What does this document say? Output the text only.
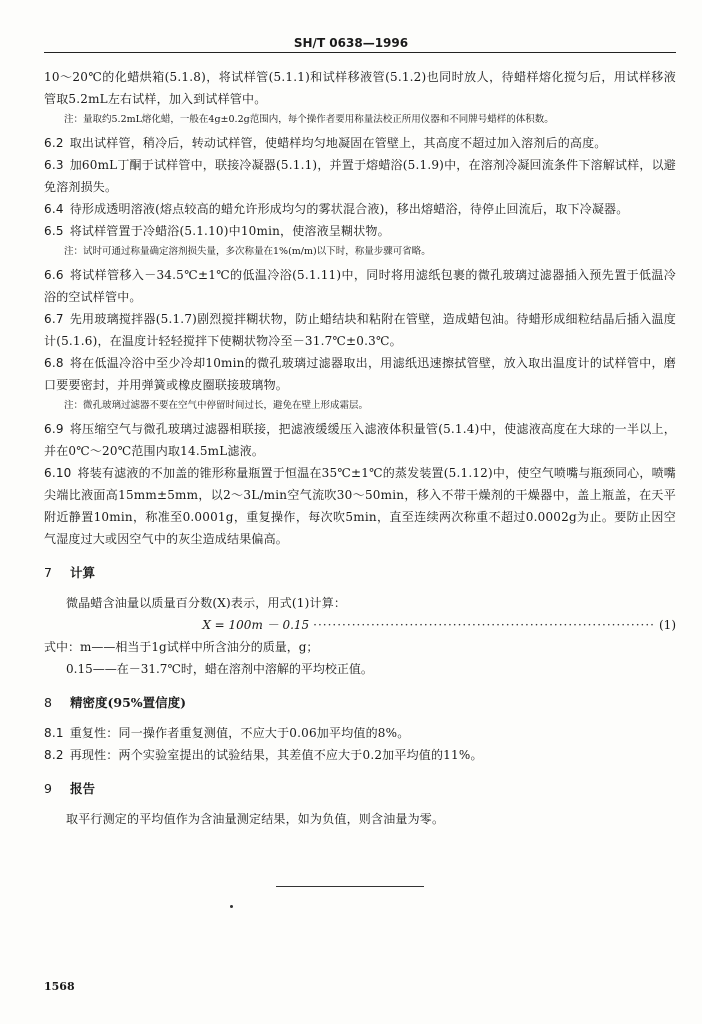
SH/T 0638—1996

10～20℃的化蜡烘箱(5.1.8)，将试样管(5.1.1)和试样移液管(5.1.2)也同时放人，待蜡样熔化搅匀后，用试样移液管取5.2mL左右试样，加入到试样管中。

注：量取约5.2mL熔化蜡，一般在4g±0.2g范围内，每个操作者要用称量法校正所用仪器和不同牌号蜡样的体积数。

6.2 取出试样管，稍冷后，转动试样管，使蜡样均匀地凝固在管壁上，其高度不超过加入溶剂后的高度。

6.3 加60mL丁酮于试样管中，联接冷凝器(5.1.1)，并置于熔蜡浴(5.1.9)中，在溶剂冷凝回流条件下溶解试样，以避免溶剂损失。

6.4 待形成透明溶液(熔点较高的蜡允许形成均匀的雾状混合液)，移出熔蜡浴，待停止回流后，取下冷凝器。

6.5 将试样管置于冷蜡浴(5.1.10)中10min，使溶液呈糊状物。

注：试时可通过称量确定溶剂损失量，多次称量在1%(m/m)以下时，称量步骤可省略。

6.6 将试样管移入－34.5℃±1℃的低温冷浴(5.1.11)中，同时将用滤纸包裹的微孔玻璃过滤器插入预先置于低温冷浴的空试样管中。

6.7 先用玻璃搅拌器(5.1.7)剧烈搅拌糊状物，防止蜡结块和粘附在管壁，造成蜡包油。待蜡形成细粒结晶后插入温度计(5.1.6)，在温度计轻轻搅拌下使糊状物冷至－31.7℃±0.3℃。

6.8 将在低温冷浴中至少冷却10min的微孔玻璃过滤器取出，用滤纸迅速擦拭管壁，放入取出温度计的试样管中，磨口要要密封，并用弹簧或橡皮圈联接玻璃物。

注：微孔玻璃过滤器不要在空气中停留时间过长，避免在壁上形成霜层。

6.9 将压缩空气与微孔玻璃过滤器相联接，把滤液缓缓压入滤液体积量管(5.1.4)中，使滤液高度在大球的一半以上，并在0℃～20℃范围内取14.5mL滤液。

6.10 将装有滤液的不加盖的锥形称量瓶置于恒温在35℃±1℃的蒸发装置(5.1.12)中，使空气喷嘴与瓶颈同心，喷嘴尖端比液面高15mm±5mm，以2～3L/min空气流吹30～50min，移入不带干燥剂的干燥器中，盖上瓶盖，在天平附近静置10min，称准至0.0001g，重复操作，每次吹5min，直至连续两次称重不超过0.0002g为止。要防止因空气湿度过大或因空气中的灰尘造成结果偏高。

7 计算

微晶蜡含油量以质量百分数(X)表示，用式(1)计算：

X = 100m － 0.15 ······································································· (1)

式中：m——相当于1g试样中所含油分的质量，g；

0.15——在－31.7℃时，蜡在溶剂中溶解的平均校正值。

8 精密度(95%置信度)

8.1 重复性：同一操作者重复测值，不应大于0.06加平均值的8%。

8.2 再现性：两个实验室提出的试验结果，其差值不应大于0.2加平均值的11%。

9 报告

取平行测定的平均值作为含油量测定结果，如为负值，则含油量为零。

1568
